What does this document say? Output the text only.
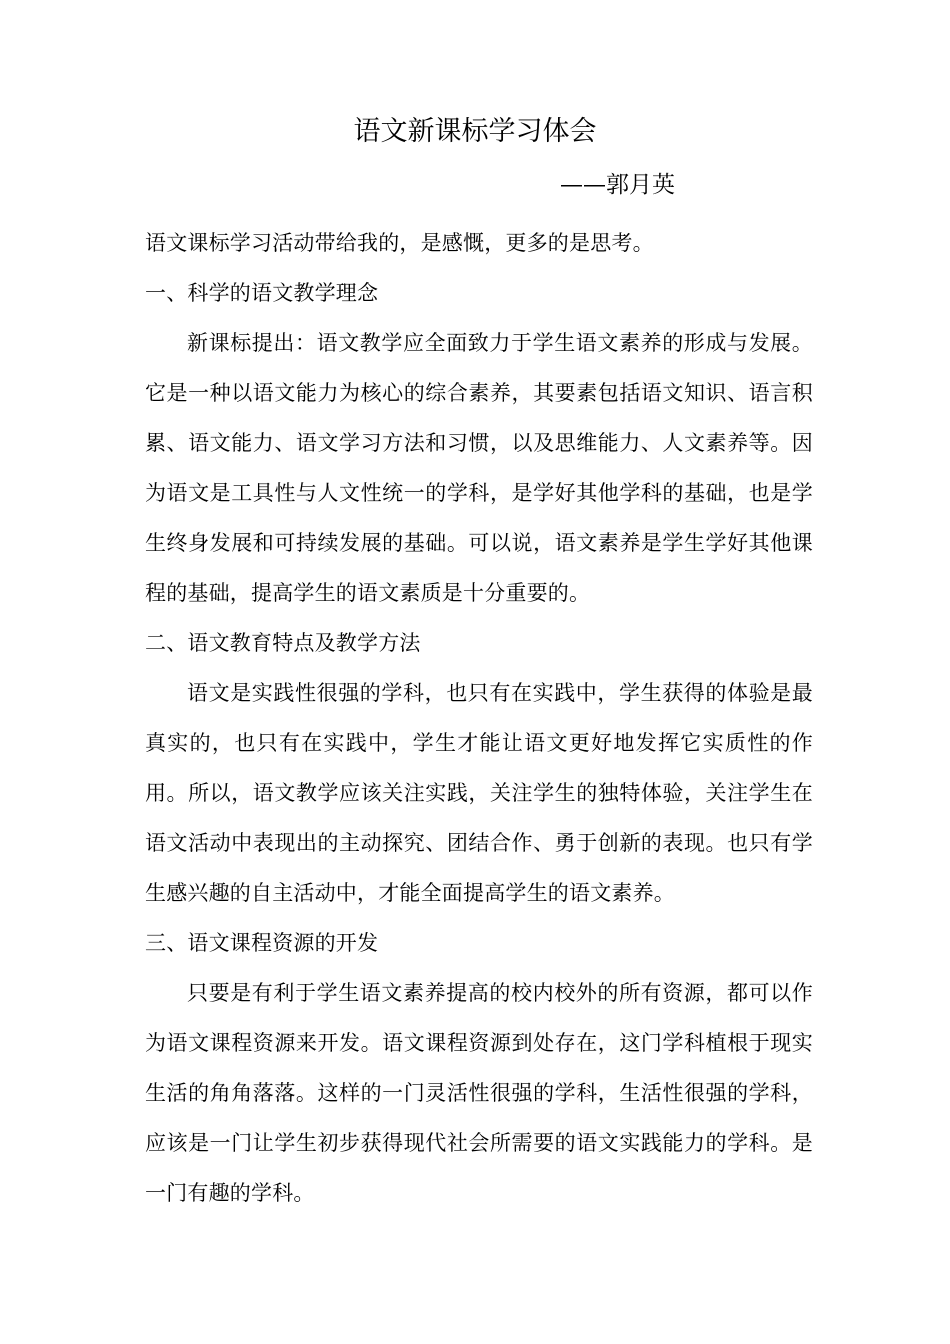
语文新课标学习体会
——郭月英

语文课标学习活动带给我的，是感慨，更多的是思考。

一、科学的语文教学理念

新课标提出：语文教学应全面致力于学生语文素养的形成与发展。它是一种以语文能力为核心的综合素养，其要素包括语文知识、语言积累、语文能力、语文学习方法和习惯，以及思维能力、人文素养等。因为语文是工具性与人文性统一的学科，是学好其他学科的基础，也是学生终身发展和可持续发展的基础。可以说，语文素养是学生学好其他课程的基础，提高学生的语文素质是十分重要的。

二、语文教育特点及教学方法

语文是实践性很强的学科，也只有在实践中，学生获得的体验是最真实的，也只有在实践中，学生才能让语文更好地发挥它实质性的作用。所以，语文教学应该关注实践，关注学生的独特体验，关注学生在语文活动中表现出的主动探究、团结合作、勇于创新的表现。也只有学生感兴趣的自主活动中，才能全面提高学生的语文素养。

三、语文课程资源的开发

只要是有利于学生语文素养提高的校内校外的所有资源，都可以作为语文课程资源来开发。语文课程资源到处存在，这门学科植根于现实生活的角角落落。这样的一门灵活性很强的学科，生活性很强的学科，应该是一门让学生初步获得现代社会所需要的语文实践能力的学科。是一门有趣的学科。
